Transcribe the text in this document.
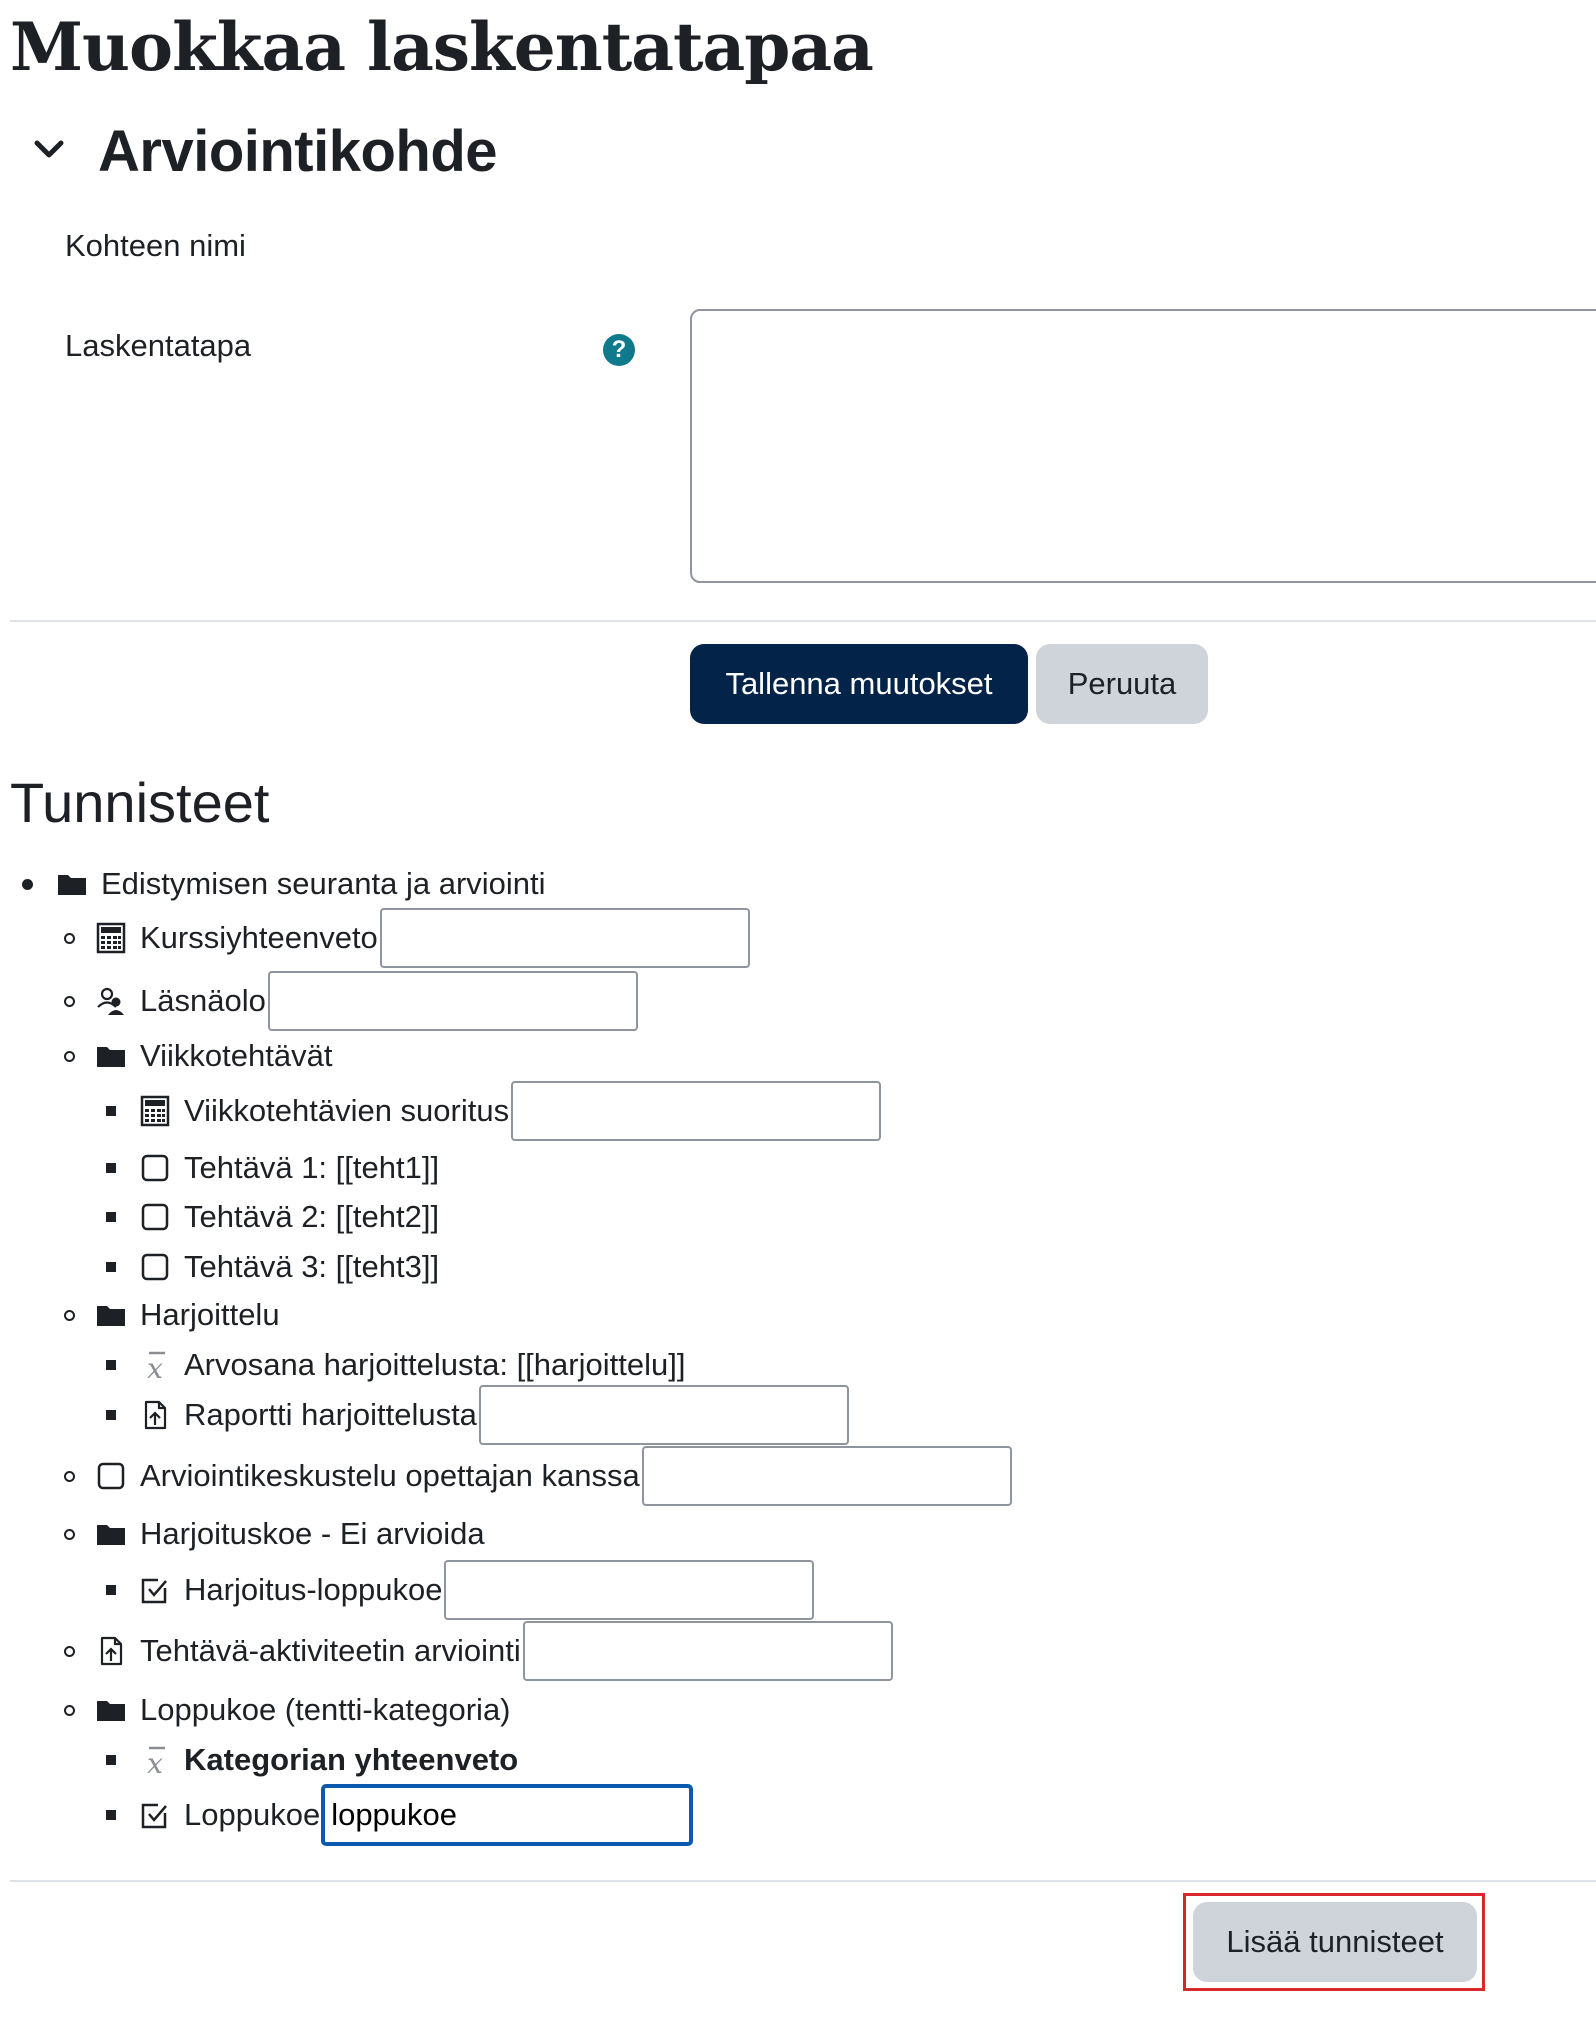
Muokkaa laskentatapaa
Arviointikohde
Kohteen nimi
Laskentatapa	?
Tallenna muutokset	Peruuta
Tunnisteet
Edistymisen seuranta ja arviointi
Kurssiyhteenveto
Läsnäolo
Viikkotehtävät
Viikkotehtävien suoritus
Tehtävä 1: [[teht1]]
Tehtävä 2: [[teht2]]
Tehtävä 3: [[teht3]]
Harjoittelu
x Arvosana harjoittelusta: [[harjoittelu]]
Raportti harjoittelusta
Arviointikeskustelu opettajan kanssa
Harjoituskoe - Ei arvioida
Harjoitus-loppukoe
Tehtävä-aktiviteetin arviointi
Loppukoe (tentti-kategoria)
x Kategorian yhteenveto
Loppukoe
loppukoe
Lisää tunnisteet
